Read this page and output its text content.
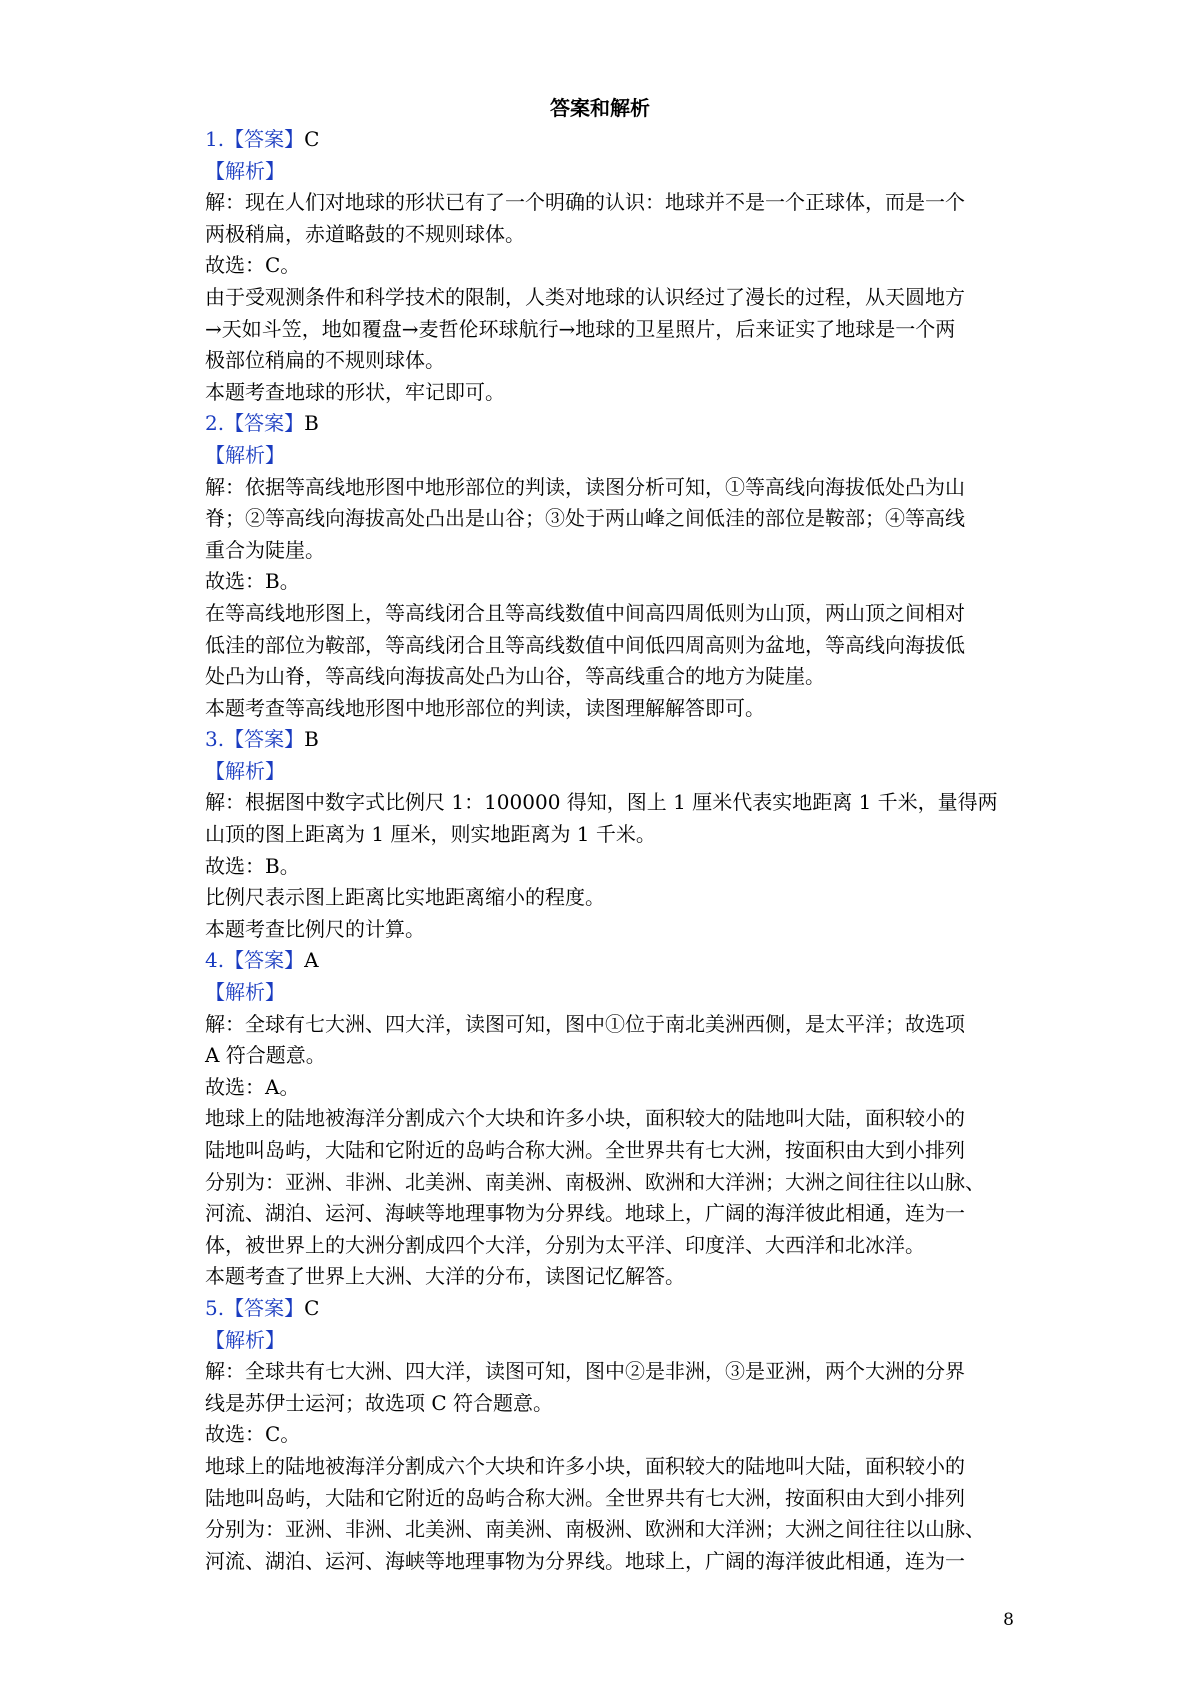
答案和解析
1.【答案】C
【解析】
解：现在人们对地球的形状已有了一个明确的认识：地球并不是一个正球体，而是一个
两极稍扁，赤道略鼓的不规则球体。
故选：C。
由于受观测条件和科学技术的限制，人类对地球的认识经过了漫长的过程，从天圆地方
→天如斗笠，地如覆盘→麦哲伦环球航行→地球的卫星照片，后来证实了地球是一个两
极部位稍扁的不规则球体。
本题考查地球的形状，牢记即可。
2.【答案】B
【解析】
解：依据等高线地形图中地形部位的判读，读图分析可知，①等高线向海拔低处凸为山
脊；②等高线向海拔高处凸出是山谷；③处于两山峰之间低洼的部位是鞍部；④等高线
重合为陡崖。
故选：B。
在等高线地形图上，等高线闭合且等高线数值中间高四周低则为山顶，两山顶之间相对
低洼的部位为鞍部，等高线闭合且等高线数值中间低四周高则为盆地，等高线向海拔低
处凸为山脊，等高线向海拔高处凸为山谷，等高线重合的地方为陡崖。
本题考查等高线地形图中地形部位的判读，读图理解解答即可。
3.【答案】B
【解析】
解：根据图中数字式比例尺 1：100000 得知，图上 1 厘米代表实地距离 1 千米，量得两
山顶的图上距离为 1 厘米，则实地距离为 1 千米。
故选：B。
比例尺表示图上距离比实地距离缩小的程度。
本题考查比例尺的计算。
4.【答案】A
【解析】
解：全球有七大洲、四大洋，读图可知，图中①位于南北美洲西侧，是太平洋；故选项
A 符合题意。
故选：A。
地球上的陆地被海洋分割成六个大块和许多小块，面积较大的陆地叫大陆，面积较小的
陆地叫岛屿，大陆和它附近的岛屿合称大洲。全世界共有七大洲，按面积由大到小排列
分别为：亚洲、非洲、北美洲、南美洲、南极洲、欧洲和大洋洲；大洲之间往往以山脉、
河流、湖泊、运河、海峡等地理事物为分界线。地球上，广阔的海洋彼此相通，连为一
体，被世界上的大洲分割成四个大洋，分别为太平洋、印度洋、大西洋和北冰洋。
本题考查了世界上大洲、大洋的分布，读图记忆解答。
5.【答案】C
【解析】
解：全球共有七大洲、四大洋，读图可知，图中②是非洲，③是亚洲，两个大洲的分界
线是苏伊士运河；故选项 C 符合题意。
故选：C。
地球上的陆地被海洋分割成六个大块和许多小块，面积较大的陆地叫大陆，面积较小的
陆地叫岛屿，大陆和它附近的岛屿合称大洲。全世界共有七大洲，按面积由大到小排列
分别为：亚洲、非洲、北美洲、南美洲、南极洲、欧洲和大洋洲；大洲之间往往以山脉、
河流、湖泊、运河、海峡等地理事物为分界线。地球上，广阔的海洋彼此相通，连为一
8
